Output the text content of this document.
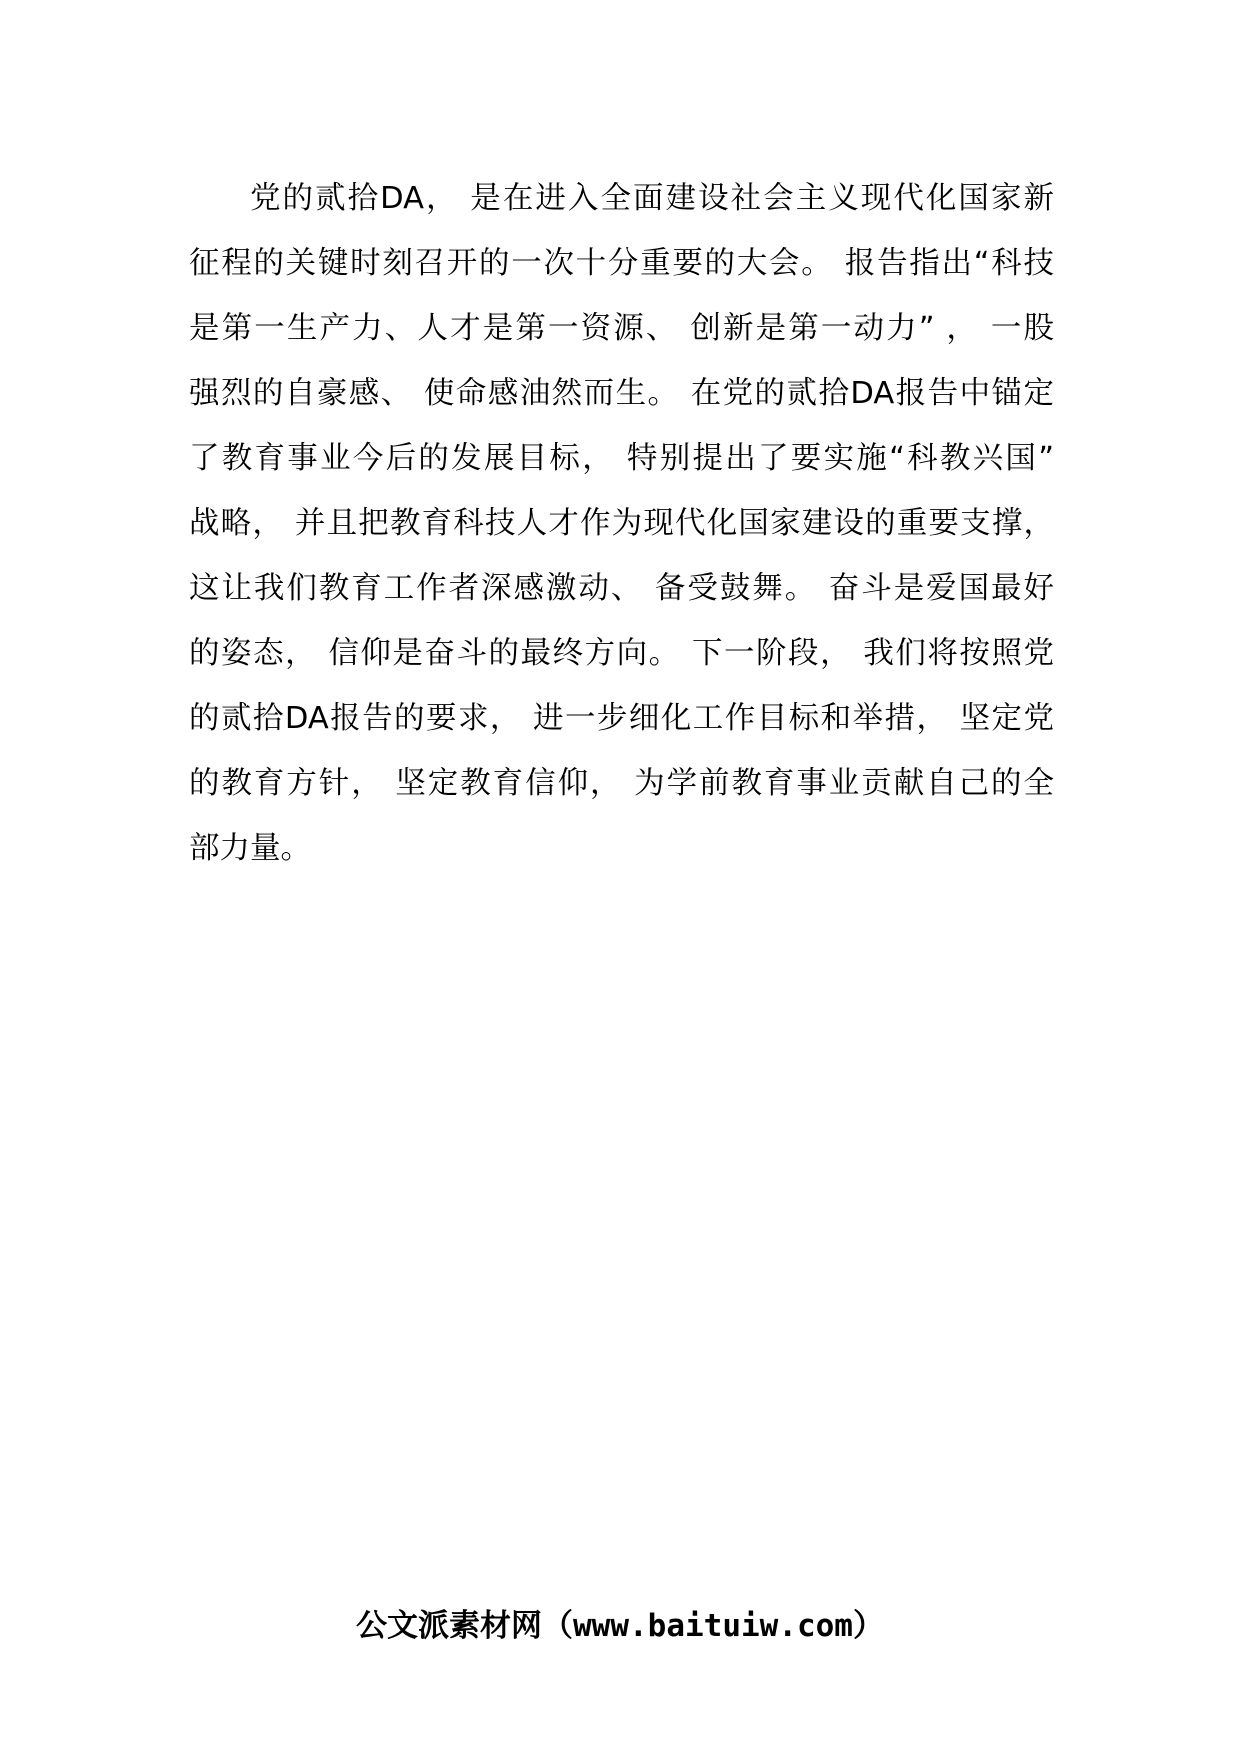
党的贰拾DA， 是在进入全面建设社会主义现代化国家新
征程的关键时刻召开的一次十分重要的大会。 报告指出“科技
是第一生产力、人才是第一资源、 创新是第一动力” ， 一股
强烈的自豪感、 使命感油然而生。 在党的贰拾DA报告中锚定
了教育事业今后的发展目标， 特别提出了要实施“科教兴国”
战略， 并且把教育科技人才作为现代化国家建设的重要支撑，
这让我们教育工作者深感激动、 备受鼓舞。 奋斗是爱国最好
的姿态， 信仰是奋斗的最终方向。 下一阶段， 我们将按照党
的贰拾DA报告的要求， 进一步细化工作目标和举措， 坚定党
的教育方针， 坚定教育信仰， 为学前教育事业贡献自己的全
部力量。
公文派素材网（www.baituiw.com）
